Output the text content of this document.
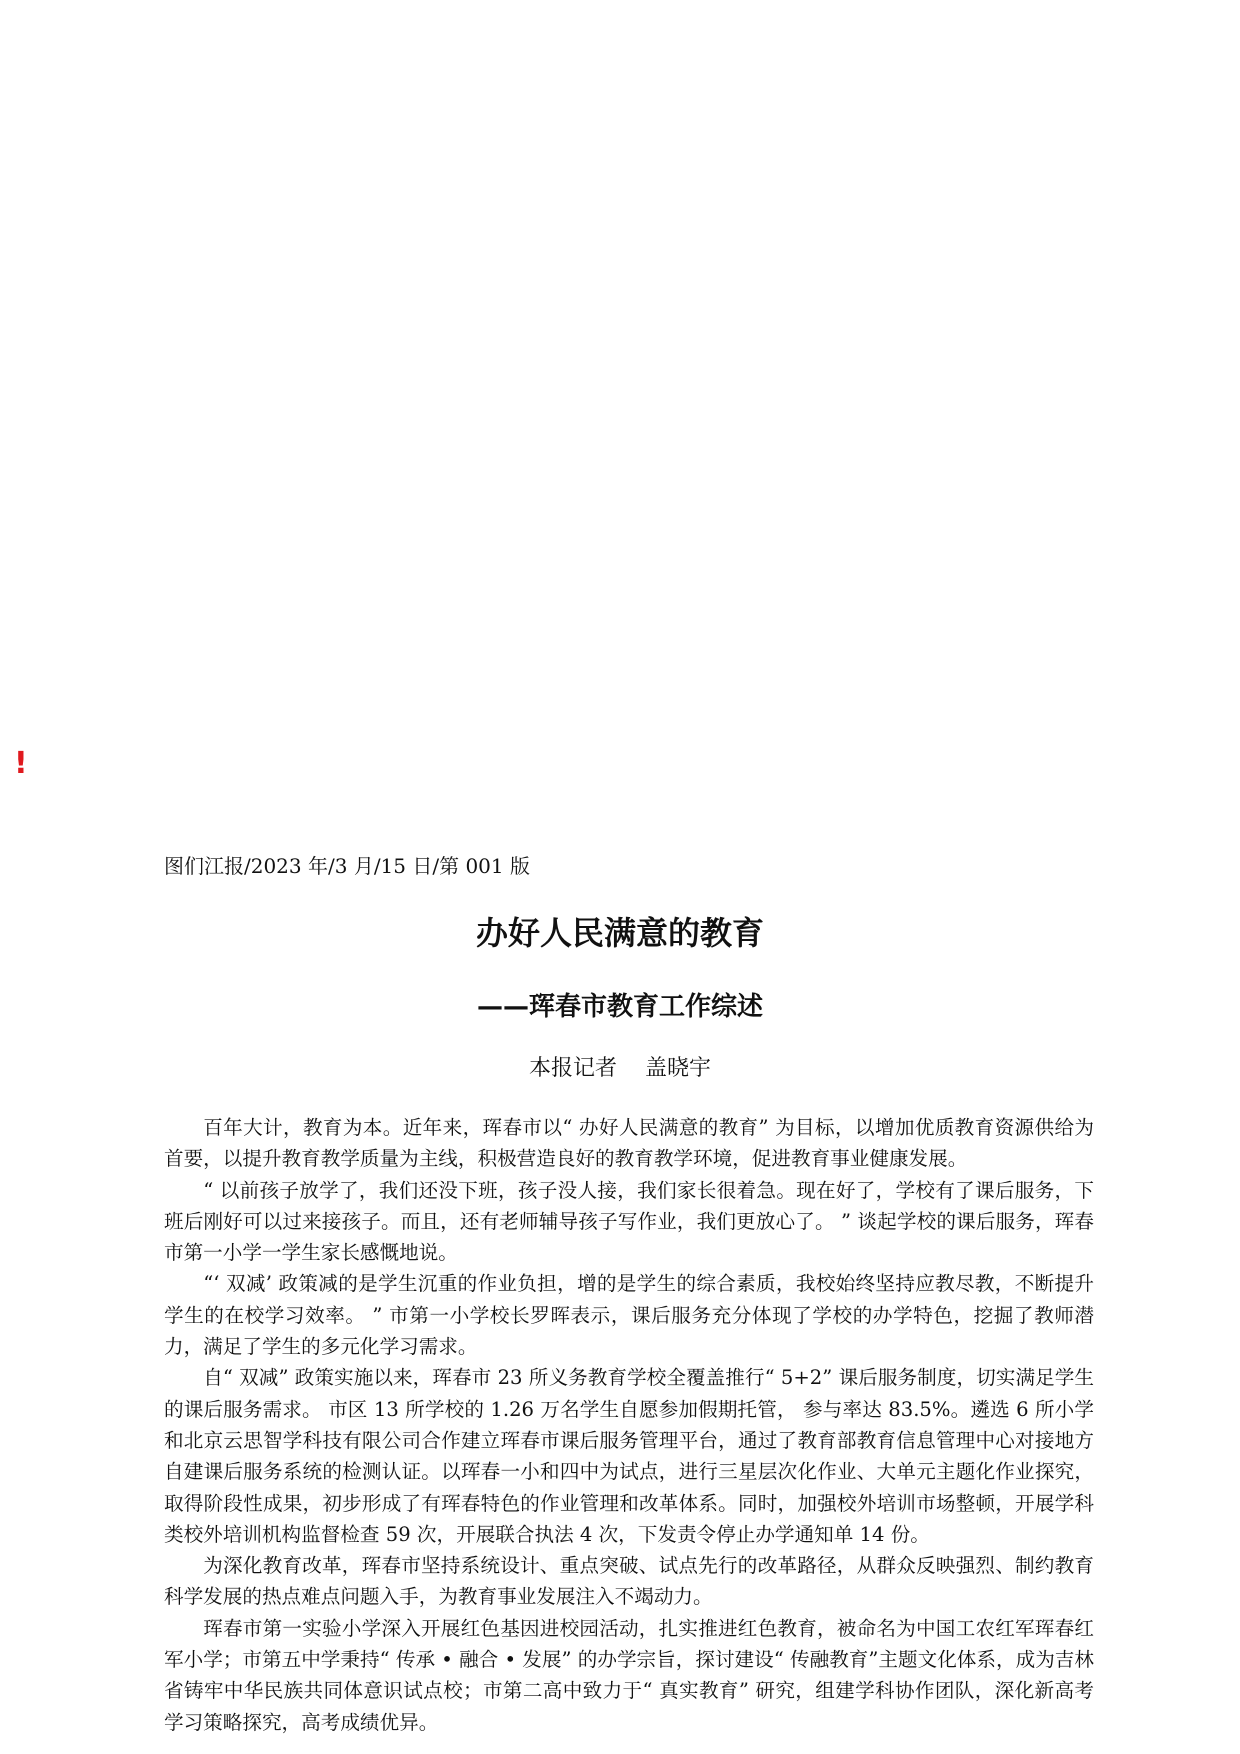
!
图们江报/2023 年/3 月/15 日/第 001 版
办好人民满意的教育
——珲春市教育工作综述
本报记者    盖晓宇

百年大计，教育为本。近年来，珲春市以“ 办好人民满意的教育” 为目标，以增加优质教育资源供给为首要，以提升教育教学质量为主线，积极营造良好的教育教学环境，促进教育事业健康发展。

“ 以前孩子放学了，我们还没下班，孩子没人接，我们家长很着急。现在好了，学校有了课后服务，下班后刚好可以过来接孩子。而且，还有老师辅导孩子写作业，我们更放心了。 ” 谈起学校的课后服务，珲春市第一小学一学生家长感慨地说。

“‘ 双减’ 政策减的是学生沉重的作业负担，增的是学生的综合素质，我校始终坚持应教尽教，不断提升学生的在校学习效率。 ” 市第一小学校长罗晖表示，课后服务充分体现了学校的办学特色，挖掘了教师潜力，满足了学生的多元化学习需求。

自“ 双减” 政策实施以来，珲春市 23 所义务教育学校全覆盖推行“ 5+2” 课后服务制度，切实满足学生的课后服务需求。 市区 13 所学校的 1.26 万名学生自愿参加假期托管， 参与率达 83.5%。遴选 6 所小学和北京云思智学科技有限公司合作建立珲春市课后服务管理平台，通过了教育部教育信息管理中心对接地方自建课后服务系统的检测认证。以珲春一小和四中为试点，进行三星层次化作业、大单元主题化作业探究，取得阶段性成果，初步形成了有珲春特色的作业管理和改革体系。同时，加强校外培训市场整顿，开展学科类校外培训机构监督检查 59 次，开展联合执法 4 次，下发责令停止办学通知单 14 份。

为深化教育改革，珲春市坚持系统设计、重点突破、试点先行的改革路径，从群众反映强烈、制约教育科学发展的热点难点问题入手，为教育事业发展注入不竭动力。

珲春市第一实验小学深入开展红色基因进校园活动，扎实推进红色教育，被命名为中国工农红军珲春红军小学；市第五中学秉持“ 传承 • 融合 • 发展” 的办学宗旨，探讨建设“ 传融教育”主题文化体系，成为吉林省铸牢中华民族共同体意识试点校；市第二高中致力于“ 真实教育” 研究，组建学科协作团队，深化新高考学习策略探究，高考成绩优异。
